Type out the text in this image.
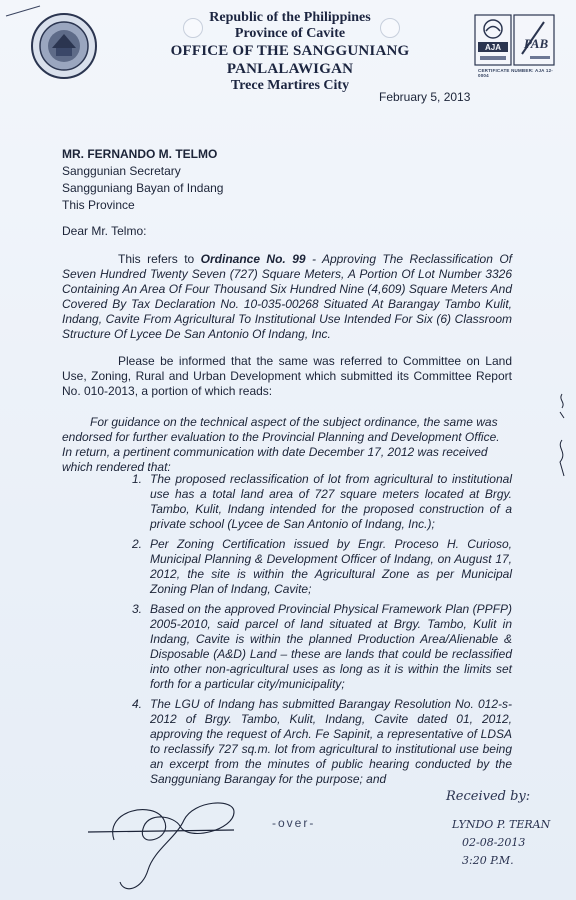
Republic of the Philippines
Province of Cavite
OFFICE OF THE SANGGUNIANG PANLALAWIGAN
Trece Martires City
AJA PAB
CERTIFICATE NUMBER: AJA 12-0004
February 5, 2013
MR. FERNANDO M. TELMO
Sanggunian Secretary
Sangguniang Bayan of Indang
This Province
Dear Mr. Telmo:
This refers to Ordinance No. 99 - Approving The Reclassification Of Seven Hundred Twenty Seven (727) Square Meters, A Portion Of Lot Number 3326 Containing An Area Of Four Thousand Six Hundred Nine (4,609) Square Meters And Covered By Tax Declaration No. 10-035-00268 Situated At Barangay Tambo Kulit, Indang, Cavite From Agricultural To Institutional Use Intended For Six (6) Classroom Structure Of Lycee De San Antonio Of Indang, Inc.
Please be informed that the same was referred to Committee on Land Use, Zoning, Rural and Urban Development which submitted its Committee Report No. 010-2013, a portion of which reads:
For guidance on the technical aspect of the subject ordinance, the same was endorsed for further evaluation to the Provincial Planning and Development Office. In return, a pertinent communication with date December 17, 2012 was received which rendered that:
1. The proposed reclassification of lot from agricultural to institutional use has a total land area of 727 square meters located at Brgy. Tambo, Kulit, Indang intended for the proposed construction of a private school (Lycee de San Antonio of Indang, Inc.);
2. Per Zoning Certification issued by Engr. Proceso H. Curioso, Municipal Planning & Development Officer of Indang, on August 17, 2012, the site is within the Agricultural Zone as per Municipal Zoning Plan of Indang, Cavite;
3. Based on the approved Provincial Physical Framework Plan (PPFP) 2005-2010, said parcel of land situated at Brgy. Tambo, Kulit in Indang, Cavite is within the planned Production Area/Alienable & Disposable (A&D) Land – these are lands that could be reclassified into other non-agricultural uses as long as it is within the limits set forth for a particular city/municipality;
4. The LGU of Indang has submitted Barangay Resolution No. 012-s-2012 of Brgy. Tambo, Kulit, Indang, Cavite dated 01, 2012, approving the request of Arch. Fe Sapinit, a representative of LDSA to reclassify 727 sq.m. lot from agricultural to institutional use being an excerpt from the minutes of public hearing conducted by the Sangguniang Barangay for the purpose; and
-over-
Received by:
LYNDO P. TERAN
02-08-2013
3:20 P.M.
